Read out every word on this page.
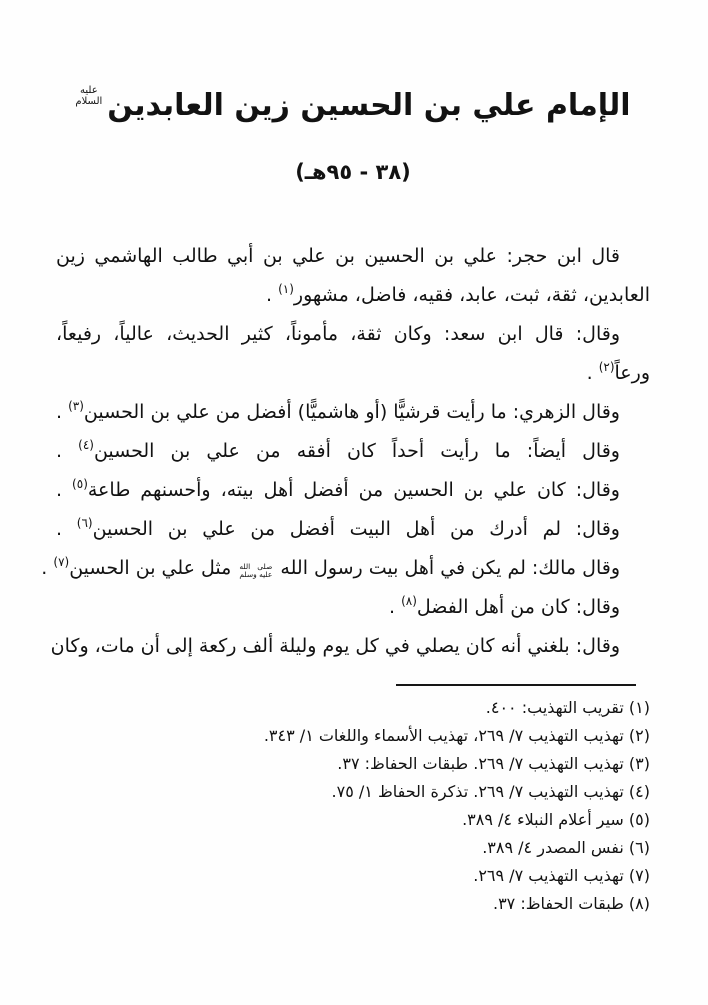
الإمام علي بن الحسين زين العابدين
عليه
السلام
(٣٨ - ٩٥هـ)
قال ابن حجر: علي بن الحسين بن علي بن أبي طالب الهاشمي زين
العابدين، ثقة، ثبت، عابد، فقيه، فاضل، مشهور$^{(١)}$ .
وقال: قال ابن سعد: وكان ثقة، مأموناً، كثير الحديث، عالياً، رفيعاً،
ورعاً$^{(٢)}$ .
وقال الزهري: ما رأيت قرشيًّا (أو هاشميًّا) أفضل من علي بن الحسين$^{(٣)}$ .
وقال أيضاً: ما رأيت أحداً كان أفقه من علي بن الحسين$^{(٤)}$ .
وقال: كان علي بن الحسين من أفضل أهل بيته، وأحسنهم طاعة$^{(٥)}$ .
وقال: لم أدرك من أهل البيت أفضل من علي بن الحسين$^{(٦)}$ .
وقال مالك: لم يكن في أهل بيت رسول الله
صلى الله
عليه وسلم
مثل علي بن الحسين$^{(٧)}$ .
وقال: كان من أهل الفضل$^{(٨)}$ .
وقال: بلغني أنه كان يصلي في كل يوم وليلة ألف ركعة إلى أن مات، وكان
(١) تقريب التهذيب: ٤٠٠.
(٢) تهذيب التهذيب ٧/ ٢٦٩، تهذيب الأسماء واللغات ١/ ٣٤٣.
(٣) تهذيب التهذيب ٧/ ٢٦٩. طبقات الحفاظ: ٣٧.
(٤) تهذيب التهذيب ٧/ ٢٦٩. تذكرة الحفاظ ١/ ٧٥.
(٥) سير أعلام النبلاء ٤/ ٣٨٩.
(٦) نفس المصدر ٤/ ٣٨٩.
(٧) تهذيب التهذيب ٧/ ٢٦٩.
(٨) طبقات الحفاظ: ٣٧.
